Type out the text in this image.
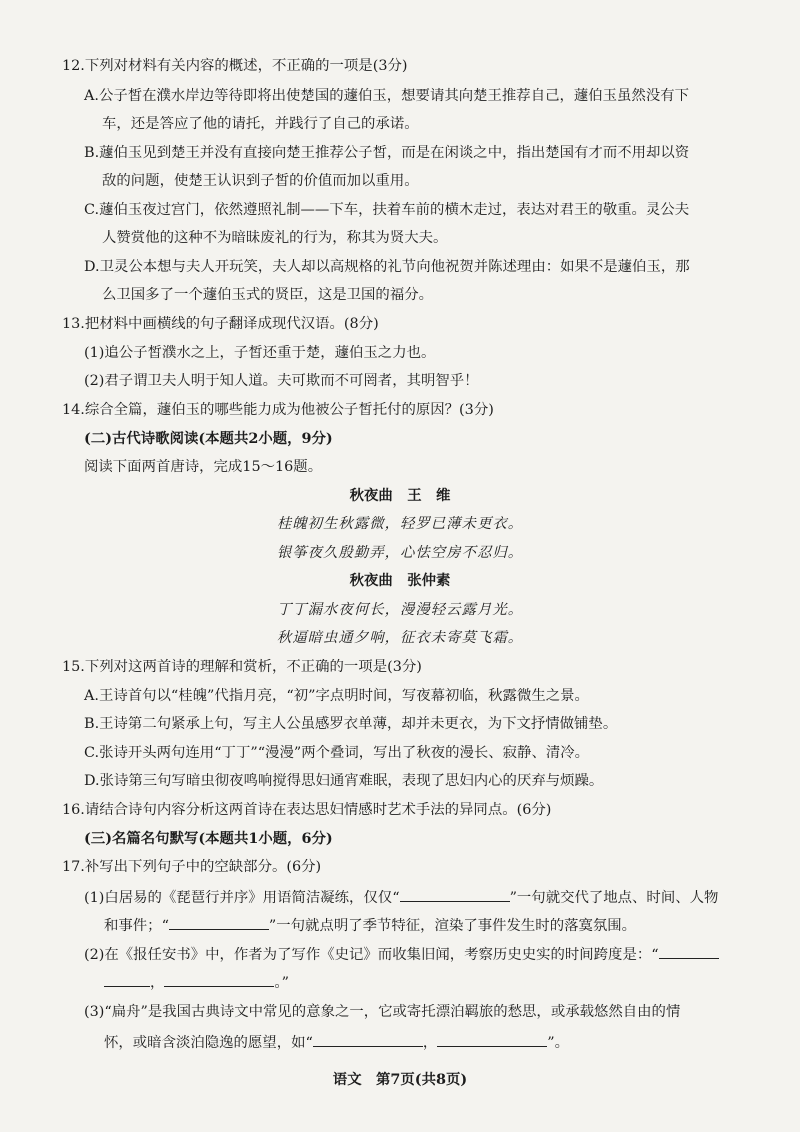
12.下列对材料有关内容的概述，不正确的一项是(3分)
A.公子皙在濮水岸边等待即将出使楚国的蘧伯玉，想要请其向楚王推荐自己，蘧伯玉虽然没有下
车，还是答应了他的请托，并践行了自己的承诺。
B.蘧伯玉见到楚王并没有直接向楚王推荐公子皙，而是在闲谈之中，指出楚国有才而不用却以资
敌的问题，使楚王认识到子皙的价值而加以重用。
C.蘧伯玉夜过宫门，依然遵照礼制——下车，扶着车前的横木走过，表达对君王的敬重。灵公夫
人赞赏他的这种不为暗昧废礼的行为，称其为贤大夫。
D.卫灵公本想与夫人开玩笑，夫人却以高规格的礼节向他祝贺并陈述理由：如果不是蘧伯玉，那
么卫国多了一个蘧伯玉式的贤臣，这是卫国的福分。
13.把材料中画横线的句子翻译成现代汉语。(8分)
(1)追公子皙濮水之上，子皙还重于楚，蘧伯玉之力也。
(2)君子谓卫夫人明于知人道。夫可欺而不可罔者，其明智乎！
14.综合全篇，蘧伯玉的哪些能力成为他被公子皙托付的原因？(3分)
(二)古代诗歌阅读(本题共2小题，9分)
阅读下面两首唐诗，完成15～16题。
秋夜曲　王　维
桂魄初生秋露微，轻罗已薄未更衣。
银筝夜久殷勤弄，心怯空房不忍归。
秋夜曲　张仲素
丁丁漏水夜何长，漫漫轻云露月光。
秋逼暗虫通夕响，征衣未寄莫飞霜。
15.下列对这两首诗的理解和赏析，不正确的一项是(3分)
A.王诗首句以“桂魄”代指月亮，“初”字点明时间，写夜幕初临，秋露微生之景。
B.王诗第二句紧承上句，写主人公虽感罗衣单薄，却并未更衣，为下文抒情做铺垫。
C.张诗开头两句连用“丁丁”“漫漫”两个叠词，写出了秋夜的漫长、寂静、清冷。
D.张诗第三句写暗虫彻夜鸣响搅得思妇通宵难眠，表现了思妇内心的厌弃与烦躁。
16.请结合诗句内容分析这两首诗在表达思妇情感时艺术手法的异同点。(6分)
(三)名篇名句默写(本题共1小题，6分)
17.补写出下列句子中的空缺部分。(6分)
(1)白居易的《琵琶行并序》用语简洁凝练，仅仅“	”一句就交代了地点、时间、人物
和事件；“	”一句就点明了季节特征，渲染了事件发生时的落寞氛围。
(2)在《报任安书》中，作者为了写作《史记》而收集旧闻，考察历史史实的时间跨度是：“
，	。”
(3)“扁舟”是我国古典诗文中常见的意象之一，它或寄托漂泊羁旅的愁思，或承载悠然自由的情
怀，或暗含淡泊隐逸的愿望，如“	，	”。
语文　第7页(共8页)
